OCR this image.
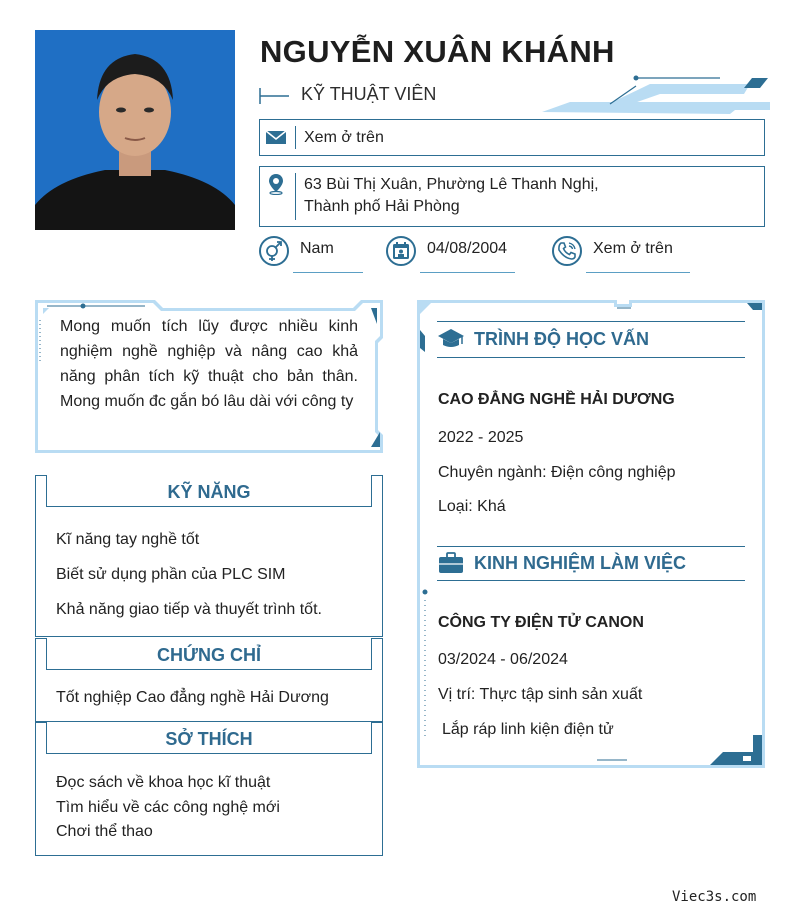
NGUYỄN XUÂN KHÁNH
KỸ THUẬT VIÊN
Xem ở trên
63 Bùi Thị Xuân, Phường Lê Thanh Nghị,
Thành phố Hải Phòng
Nam	04/08/2004	Xem ở trên
Mong muốn tích lũy được nhiều kinh nghiệm nghề nghiệp và nâng cao khả năng phân tích kỹ thuật cho bản thân. Mong muốn đc gắn bó lâu dài với công ty
KỸ NĂNG
Kĩ năng tay nghề tốt
Biết sử dụng phần của PLC SIM
Khả năng giao tiếp và thuyết trình tốt.
CHỨNG CHỈ
Tốt nghiệp Cao đẳng nghề Hải Dương
SỞ THÍCH
Đọc sách về khoa học kĩ thuật
Tìm hiểu về các công nghệ mới
Chơi thể thao
TRÌNH ĐỘ HỌC VẤN
CAO ĐẲNG NGHỀ HẢI DƯƠNG
2022 - 2025
Chuyên ngành: Điện công nghiệp
Loại: Khá
KINH NGHIỆM LÀM VIỆC
CÔNG TY ĐIỆN TỬ CANON
03/2024 - 06/2024
Vị trí: Thực tập sinh sản xuất
Lắp ráp linh kiện điện tử
Viec3s.com
